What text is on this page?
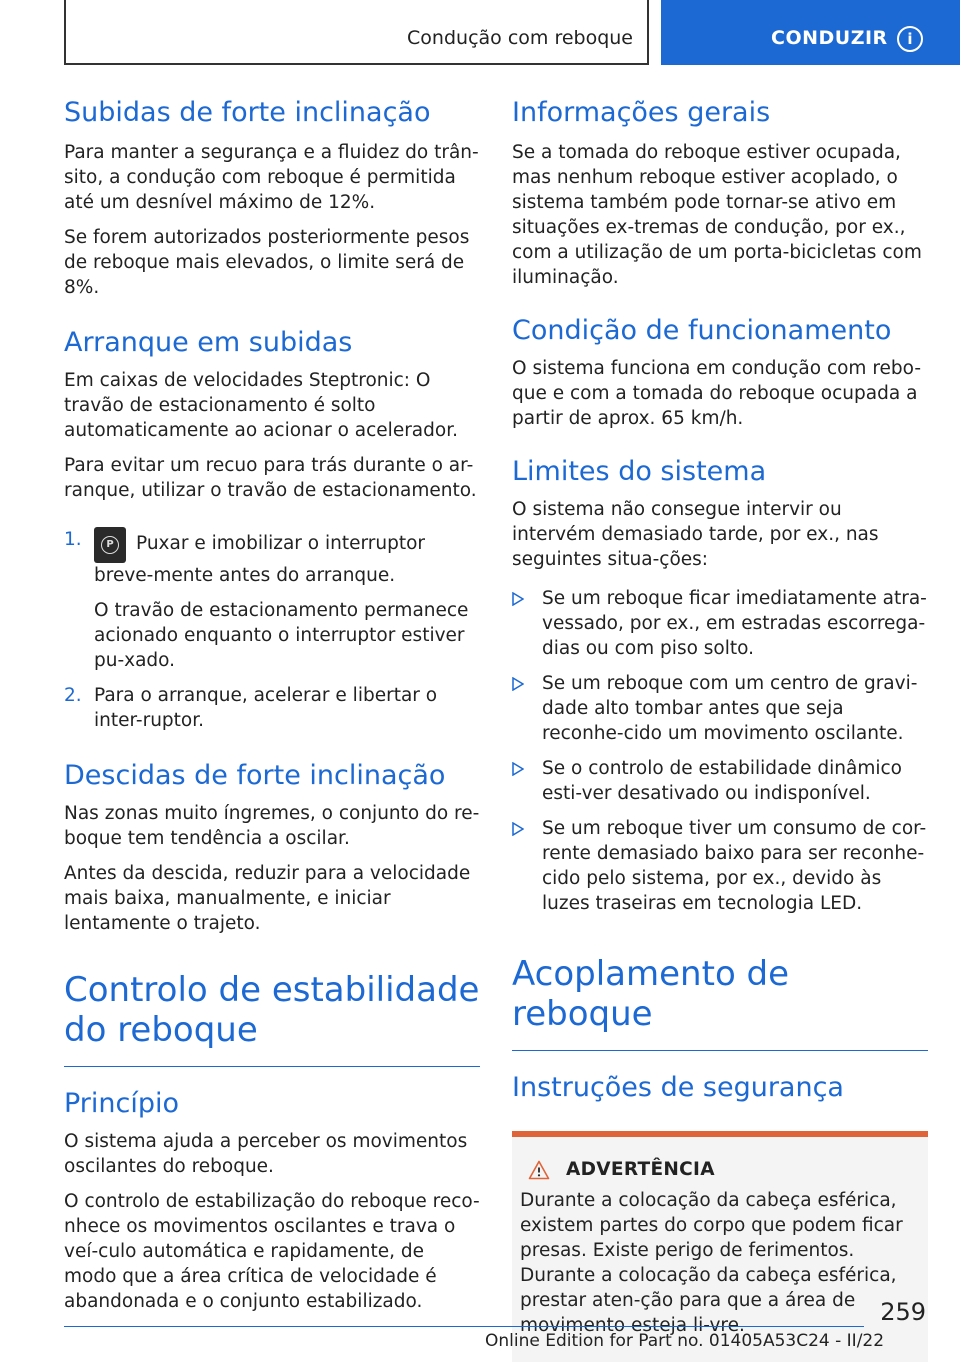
Condução com reboque	CONDUZIR	i
Subidas de forte inclinação

Para manter a segurança e a fluidez do trân-sito, a condução com reboque é permitida até um desnível máximo de 12%.

Se forem autorizados posteriormente pesos de reboque mais elevados, o limite será de 8%.

Arranque em subidas

Em caixas de velocidades Steptronic: O travão de estacionamento é solto automaticamente ao acionar o acelerador.

Para evitar um recuo para trás durante o ar-ranque, utilizar o travão de estacionamento.

1.	P Puxar e imobilizar o interruptor breve-mente antes do arranque.

O travão de estacionamento permanece acionado enquanto o interruptor estiver pu-xado.

2. Para o arranque, acelerar e libertar o inter-ruptor.
Descidas de forte inclinação

Nas zonas muito íngremes, o conjunto do re-boque tem tendência a oscilar.

Antes da descida, reduzir para a velocidade mais baixa, manualmente, e iniciar lentamente o trajeto.

Controlo de estabilidade do reboque
Princípio

O sistema ajuda a perceber os movimentos oscilantes do reboque.

O controlo de estabilização do reboque reco-nhece os movimentos oscilantes e trava o veí-culo automática e rapidamente, de modo que a área crítica de velocidade é abandonada e o conjunto estabilizado.

Informações gerais

Se a tomada do reboque estiver ocupada, mas nenhum reboque estiver acoplado, o sistema também pode tornar-se ativo em situações ex-tremas de condução, por ex., com a utilização de um porta-bicicletas com iluminação.

Condição de funcionamento

O sistema funciona em condução com rebo-que e com a tomada do reboque ocupada a partir de aprox. 65 km/h.

Limites do sistema

O sistema não consegue intervir ou intervém demasiado tarde, por ex., nas seguintes situa-ções:

Se um reboque ficar imediatamente atra-vessado, por ex., em estradas escorrega-dias ou com piso solto.
Se um reboque com um centro de gravi-dade alto tombar antes que seja reconhe-cido um movimento oscilante.
Se o controlo de estabilidade dinâmico esti-ver desativado ou indisponível.
Se um reboque tiver um consumo de cor-rente demasiado baixo para ser reconhe-cido pelo sistema, por ex., devido às luzes traseiras em tecnologia LED.
Acoplamento de reboque
Instruções de segurança
ADVERTÊNCIA

Durante a colocação da cabeça esférica, existem partes do corpo que podem ficar presas. Existe perigo de ferimentos. Durante a colocação da cabeça esférica, prestar aten-ção para que a área de movimento esteja li-vre.	259
Online Edition for Part no. 01405A53C24 - II/22
